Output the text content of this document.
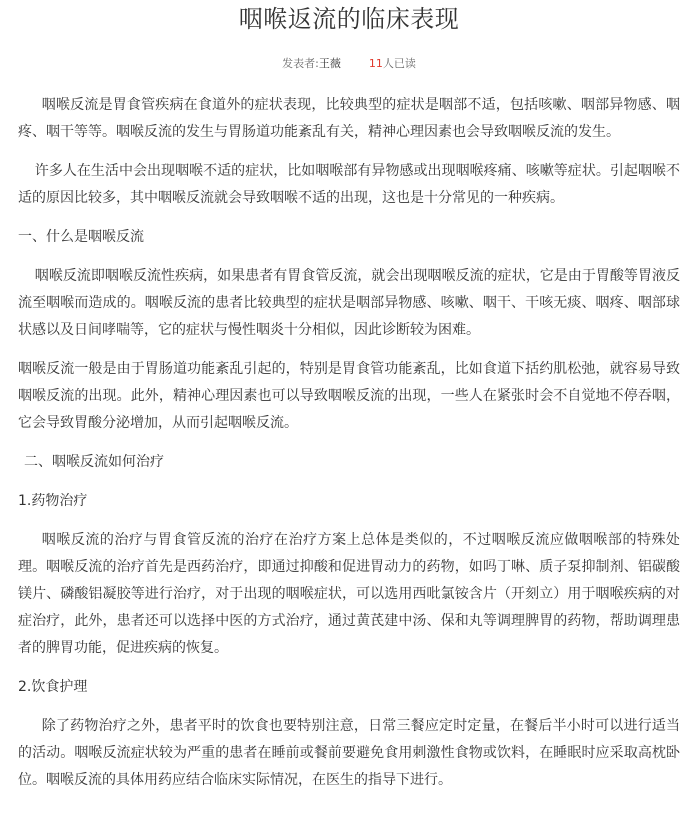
咽喉返流的临床表现
发表者:王薇	11人已读

咽喉反流是胃食管疾病在食道外的症状表现，比较典型的症状是咽部不适，包括咳嗽、咽部异物感、咽疼、咽干等等。咽喉反流的发生与胃肠道功能紊乱有关，精神心理因素也会导致咽喉反流的发生。

许多人在生活中会出现咽喉不适的症状，比如咽喉部有异物感或出现咽喉疼痛、咳嗽等症状。引起咽喉不适的原因比较多，其中咽喉反流就会导致咽喉不适的出现，这也是十分常见的一种疾病。

一、什么是咽喉反流

咽喉反流即咽喉反流性疾病，如果患者有胃食管反流，就会出现咽喉反流的症状，它是由于胃酸等胃液反流至咽喉而造成的。咽喉反流的患者比较典型的症状是咽部异物感、咳嗽、咽干、干咳无痰、咽疼、咽部球状感以及日间哮喘等，它的症状与慢性咽炎十分相似，因此诊断较为困难。

咽喉反流一般是由于胃肠道功能紊乱引起的，特别是胃食管功能紊乱，比如食道下括约肌松弛，就容易导致咽喉反流的出现。此外，精神心理因素也可以导致咽喉反流的出现，一些人在紧张时会不自觉地不停吞咽，它会导致胃酸分泌增加，从而引起咽喉反流。

二、咽喉反流如何治疗

1.药物治疗

咽喉反流的治疗与胃食管反流的治疗在治疗方案上总体是类似的，不过咽喉反流应做咽喉部的特殊处理。咽喉反流的治疗首先是西药治疗，即通过抑酸和促进胃动力的药物，如吗丁啉、质子泵抑制剂、铝碳酸镁片、磷酸铝凝胶等进行治疗，对于出现的咽喉症状，可以选用西吡氯铵含片（开刻立）用于咽喉疾病的对症治疗，此外，患者还可以选择中医的方式治疗，通过黄芪建中汤、保和丸等调理脾胃的药物，帮助调理患者的脾胃功能，促进疾病的恢复。

2.饮食护理

除了药物治疗之外，患者平时的饮食也要特别注意，日常三餐应定时定量，在餐后半小时可以进行适当的活动。咽喉反流症状较为严重的患者在睡前或餐前要避免食用刺激性食物或饮料，在睡眠时应采取高枕卧位。咽喉反流的具体用药应结合临床实际情况，在医生的指导下进行。
